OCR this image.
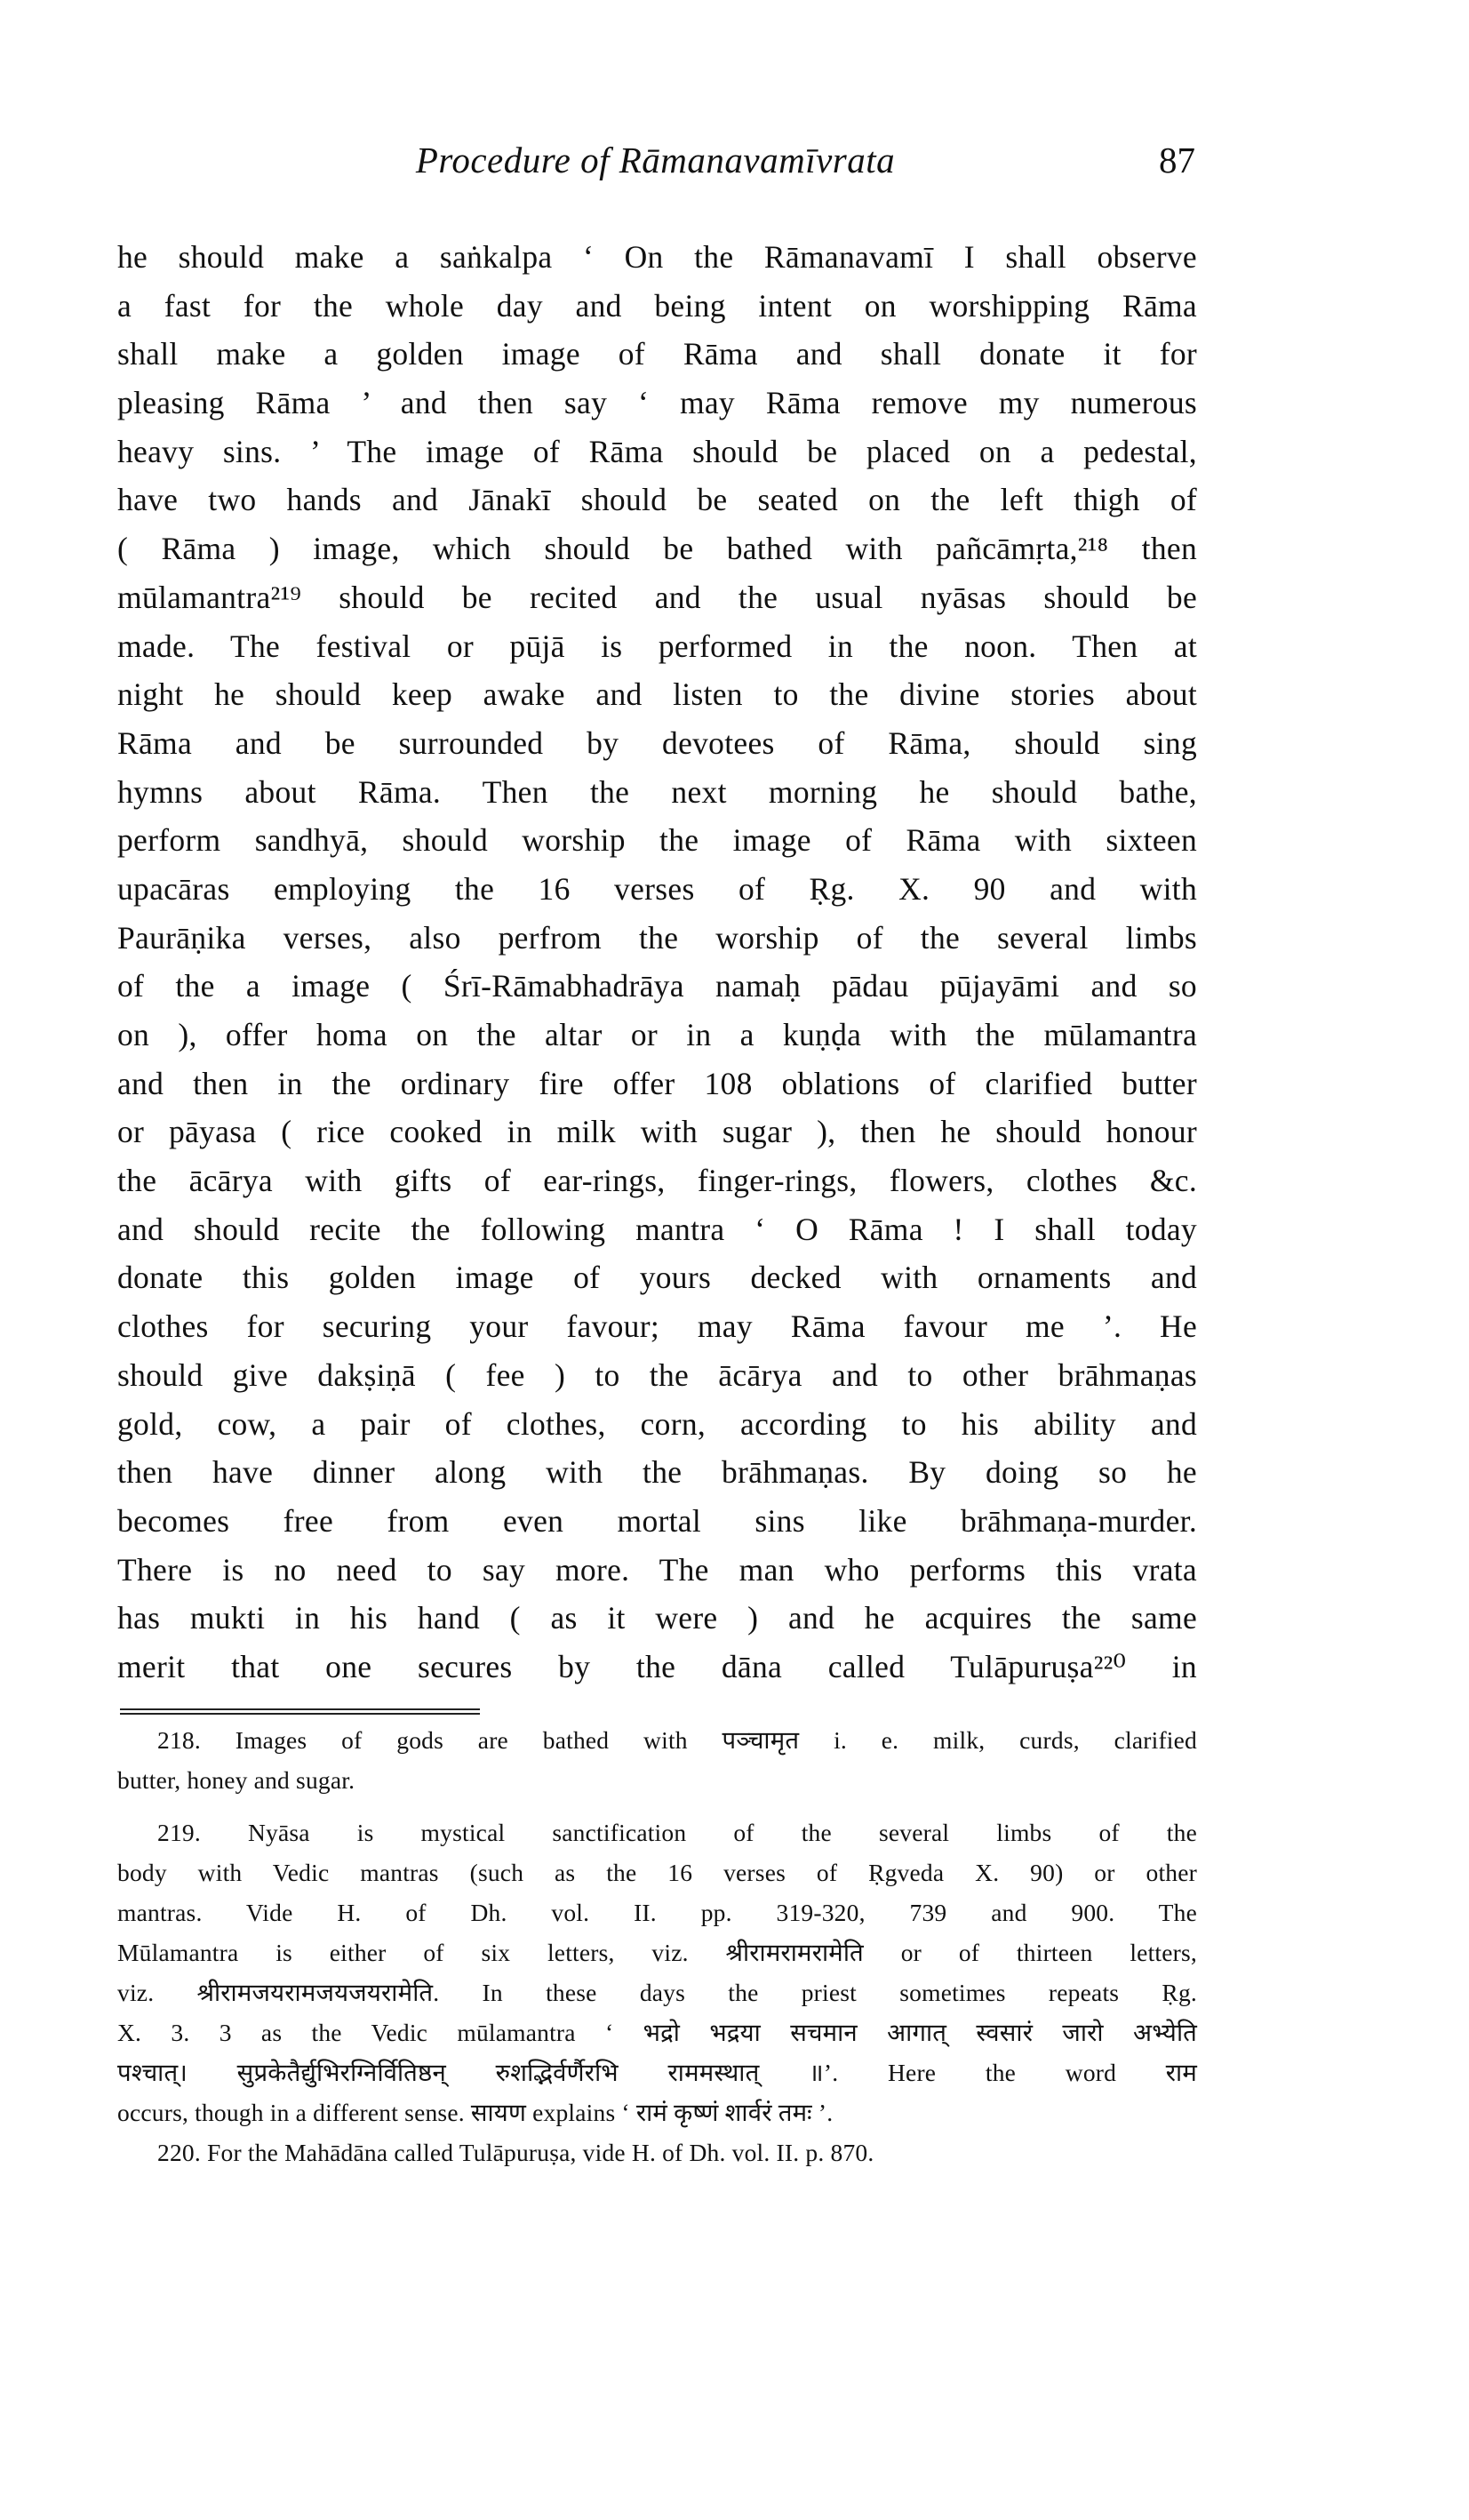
Procedure of Rāmanavamīvrata	87
he should make a saṅkalpa ‘ On the Rāmanavamī I shall observe
a fast for the whole day and being intent on worshipping Rāma
shall make a golden image of Rāma and shall donate it for
pleasing Rāma ’ and then say ‘ may Rāma remove my numerous
heavy sins. ’ The image of Rāma should be placed on a pedestal,
have two hands and Jānakī should be seated on the left thigh of
( Rāma ) image, which should be bathed with pañcāmṛta,²¹⁸ then
mūlamantra²¹⁹ should be recited and the usual nyāsas should be
made. The festival or pūjā is performed in the noon. Then at
night he should keep awake and listen to the divine stories about
Rāma and be surrounded by devotees of Rāma, should sing
hymns about Rāma. Then the next morning he should bathe,
perform sandhyā, should worship the image of Rāma with sixteen
upacāras employing the 16 verses of Ṛg. X. 90 and with
Paurāṇika verses, also perfrom the worship of the several limbs
of the a image ( Śrī-Rāmabhadrāya namaḥ pādau pūjayāmi and so
on ), offer homa on the altar or in a kuṇḍa with the mūlamantra
and then in the ordinary fire offer 108 oblations of clarified butter
or pāyasa ( rice cooked in milk with sugar ), then he should honour
the ācārya with gifts of ear-rings, finger-rings, flowers, clothes &c.
and should recite the following mantra ‘ O Rāma ! I shall today
donate this golden image of yours decked with ornaments and
clothes for securing your favour; may Rāma favour me ’. He
should give dakṣiṇā ( fee ) to the ācārya and to other brāhmaṇas
gold, cow, a pair of clothes, corn, according to his ability and
then have dinner along with the brāhmaṇas. By doing so he
becomes free from even mortal sins like brāhmaṇa-murder.
There is no need to say more. The man who performs this vrata
has mukti in his hand ( as it were ) and he acquires the same
merit that one secures by the dāna called Tulāpuruṣa²²⁰ in
218. Images of gods are bathed with पञ्चामृत i. e. milk, curds, clarified
butter, honey and sugar.
219. Nyāsa is mystical sanctification of the several limbs of the
body with Vedic mantras (such as the 16 verses of Ṛgveda X. 90) or other
mantras. Vide H. of Dh. vol. II. pp. 319-320, 739 and 900. The
Mūlamantra is either of six letters, viz. श्रीरामरामरामेति or of thirteen letters,
viz. श्रीरामजयरामजयजयरामेति. In these days the priest sometimes repeats Ṛg.
X. 3. 3 as the Vedic mūlamantra ‘ भद्रो भद्रया सचमान आगात् स्वसारं जारो अभ्येति
पश्चात्। सुप्रकेतैर्द्युभिरग्निर्वितिष्ठन् रुशद्भिर्वर्णैरभि राममस्थात् ॥’. Here the word राम
occurs, though in a different sense. सायण explains ‘ रामं कृष्णं शार्वरं तमः ’.
220. For the Mahādāna called Tulāpuruṣa, vide H. of Dh. vol. II. p. 870.
